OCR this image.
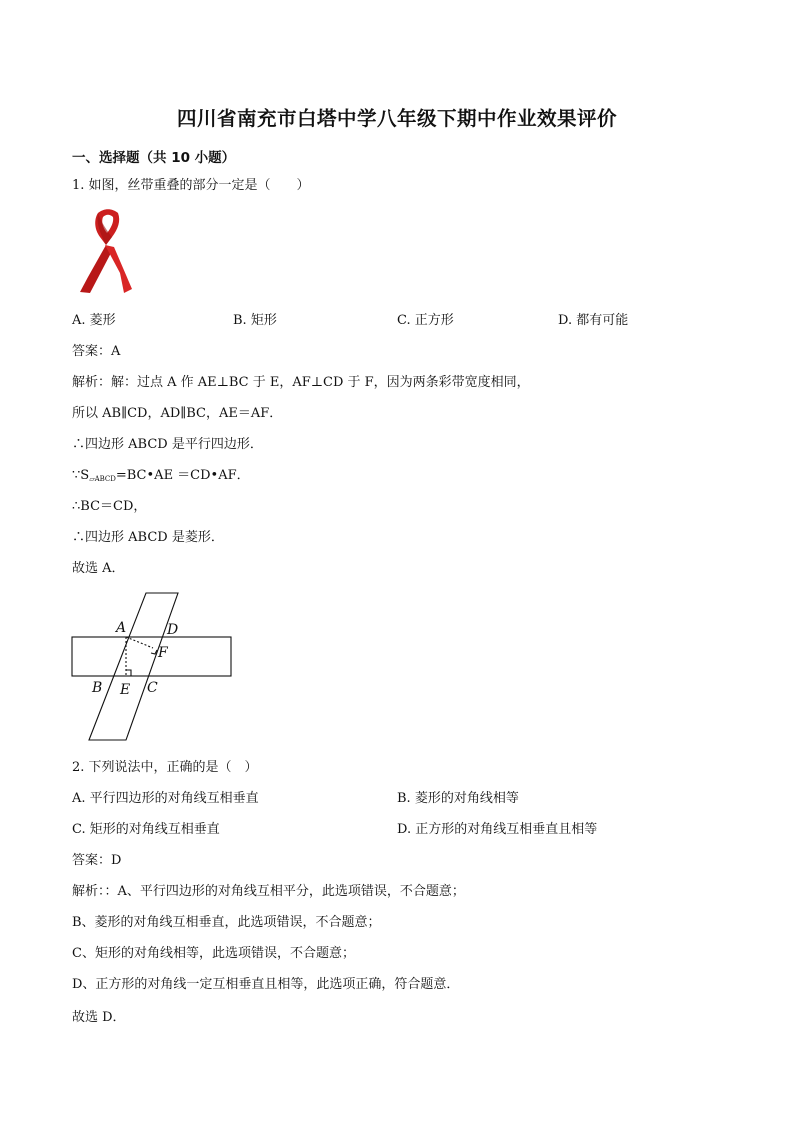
四川省南充市白塔中学八年级下期中作业效果评价
一、选择题（共 10 小题）
1. 如图，丝带重叠的部分一定是（　　）
A. 菱形	B. 矩形	C. 正方形	D. 都有可能
答案：A
解析：解：过点 A 作 AE⊥BC 于 E，AF⊥CD 于 F，因为两条彩带宽度相同，
所以 AB∥CD，AD∥BC，AE＝AF．
∴四边形 ABCD 是平行四边形．
$\because S_{▱ABCD}=BC•AE$ ＝CD•AF．
∴BC＝CD，
∴四边形 ABCD 是菱形．
故选 A．
A	D
F
B E C
2. 下列说法中，正确的是（　）
A. 平行四边形的对角线互相垂直	B. 菱形的对角线相等
C. 矩形的对角线互相垂直	D. 正方形的对角线互相垂直且相等
答案：D
解析：：A、平行四边形的对角线互相平分，此选项错误，不合题意；
B、菱形的对角线互相垂直，此选项错误，不合题意；
C、矩形的对角线相等，此选项错误，不合题意；
D、正方形的对角线一定互相垂直且相等，此选项正确，符合题意．
故选 D．
